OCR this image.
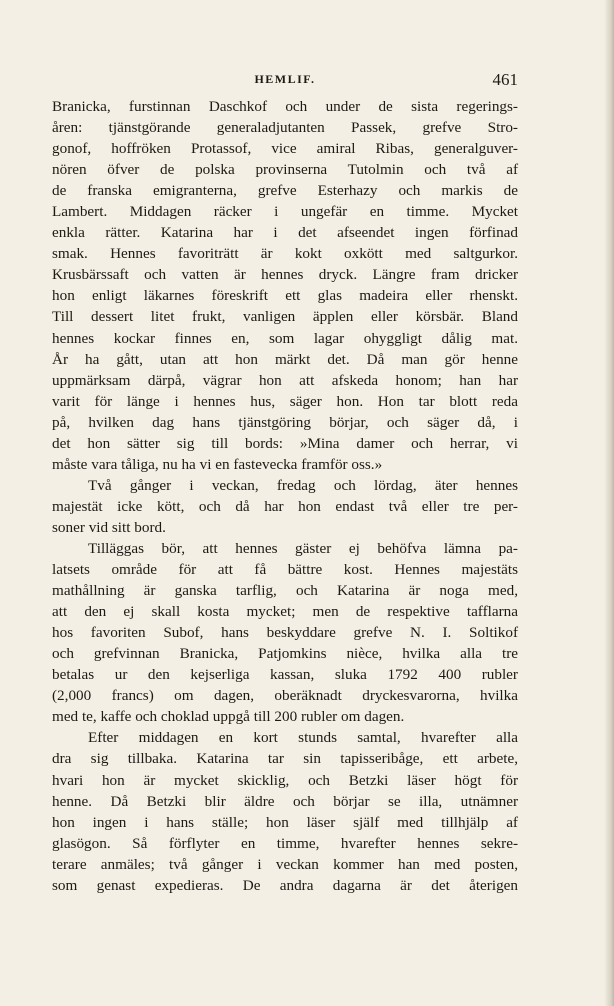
HEMLIF.	461
Branicka, furstinnan Daschkof och under de sista regerings-
åren: tjänstgörande generaladjutanten Passek, grefve Stro-
gonof, hoffröken Protassof, vice amiral Ribas, generalguver-
nören öfver de polska provinserna Tutolmin och två af
de franska emigranterna, grefve Esterhazy och markis de
Lambert. Middagen räcker i ungefär en timme. Mycket
enkla rätter. Katarina har i det afseendet ingen förfinad
smak. Hennes favoriträtt är kokt oxkött med saltgurkor.
Krusbärssaft och vatten är hennes dryck. Längre fram dricker
hon enligt läkarnes föreskrift ett glas madeira eller rhenskt.
Till dessert litet frukt, vanligen äpplen eller körsbär. Bland
hennes kockar finnes en, som lagar ohyggligt dålig mat.
År ha gått, utan att hon märkt det. Då man gör henne
uppmärksam därpå, vägrar hon att afskeda honom; han har
varit för länge i hennes hus, säger hon. Hon tar blott reda
på, hvilken dag hans tjänstgöring börjar, och säger då, i
det hon sätter sig till bords: »Mina damer och herrar, vi
måste vara tåliga, nu ha vi en fastevecka framför oss.»
Två gånger i veckan, fredag och lördag, äter hennes
majestät icke kött, och då har hon endast två eller tre per-
soner vid sitt bord.
Tilläggas bör, att hennes gäster ej behöfva lämna pa-
latsets område för att få bättre kost. Hennes majestäts
mathållning är ganska tarflig, och Katarina är noga med,
att den ej skall kosta mycket; men de respektive tafflarna
hos favoriten Subof, hans beskyddare grefve N. I. Soltikof
och grefvinnan Branicka, Patjomkins nièce, hvilka alla tre
betalas ur den kejserliga kassan, sluka 1792 400 rubler
(2,000 francs) om dagen, oberäknadt dryckesvarorna, hvilka
med te, kaffe och choklad uppgå till 200 rubler om dagen.
Efter middagen en kort stunds samtal, hvarefter alla
dra sig tillbaka. Katarina tar sin tapisseribåge, ett arbete,
hvari hon är mycket skicklig, och Betzki läser högt för
henne. Då Betzki blir äldre och börjar se illa, utnämner
hon ingen i hans ställe; hon läser själf med tillhjälp af
glasögon. Så förflyter en timme, hvarefter hennes sekre-
terare anmäles; två gånger i veckan kommer han med posten,
som genast expedieras. De andra dagarna är det återigen
